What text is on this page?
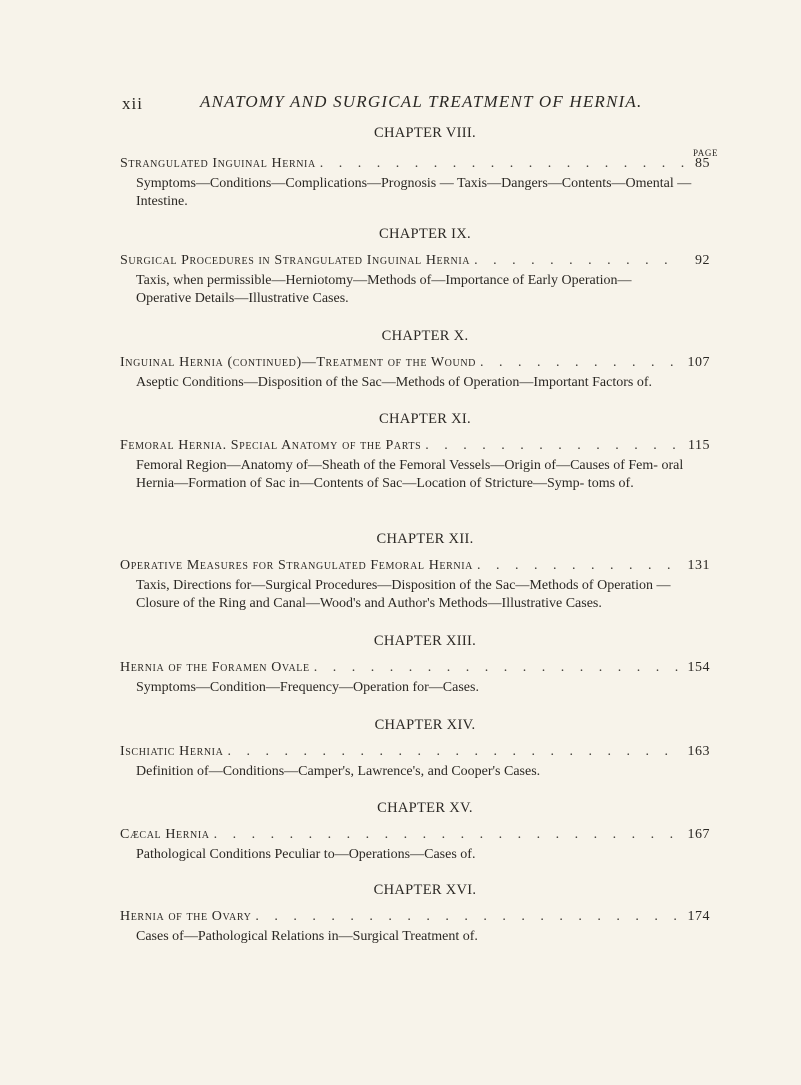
xii	ANATOMY AND SURGICAL TREATMENT OF HERNIA.
PAGE
CHAPTER VIII.
Strangulated Inguinal Hernia . . .	85
Symptoms—Conditions—Complications—Prognosis — Taxis—Dangers—Contents—Omental —Intestine.
CHAPTER IX.
Surgical Procedures in Strangulated Inguinal Hernia . . .	92
Taxis, when permissible—Herniotomy—Methods of—Importance of Early Operation— Operative Details—Illustrative Cases.
CHAPTER X.
Inguinal Hernia (continued)—Treatment of the Wound . . .	107
Aseptic Conditions—Disposition of the Sac—Methods of Operation—Important Factors of.
CHAPTER XI.
Femoral Hernia. Special Anatomy of the Parts . . .	115
Femoral Region—Anatomy of—Sheath of the Femoral Vessels—Origin of—Causes of Fem- oral Hernia—Formation of Sac in—Contents of Sac—Location of Stricture—Symp- toms of.
CHAPTER XII.
Operative Measures for Strangulated Femoral Hernia . . .	131
Taxis, Directions for—Surgical Procedures—Disposition of the Sac—Methods of Operation —Closure of the Ring and Canal—Wood's and Author's Methods—Illustrative Cases.
CHAPTER XIII.
Hernia of the Foramen Ovale . . .	154
Symptoms—Condition—Frequency—Operation for—Cases.
CHAPTER XIV.
Ischiatic Hernia . . .	163
Definition of—Conditions—Camper's, Lawrence's, and Cooper's Cases.
CHAPTER XV.
Cæcal Hernia . . .	167
Pathological Conditions Peculiar to—Operations—Cases of.
CHAPTER XVI.
Hernia of the Ovary . . .	174
Cases of—Pathological Relations in—Surgical Treatment of.
